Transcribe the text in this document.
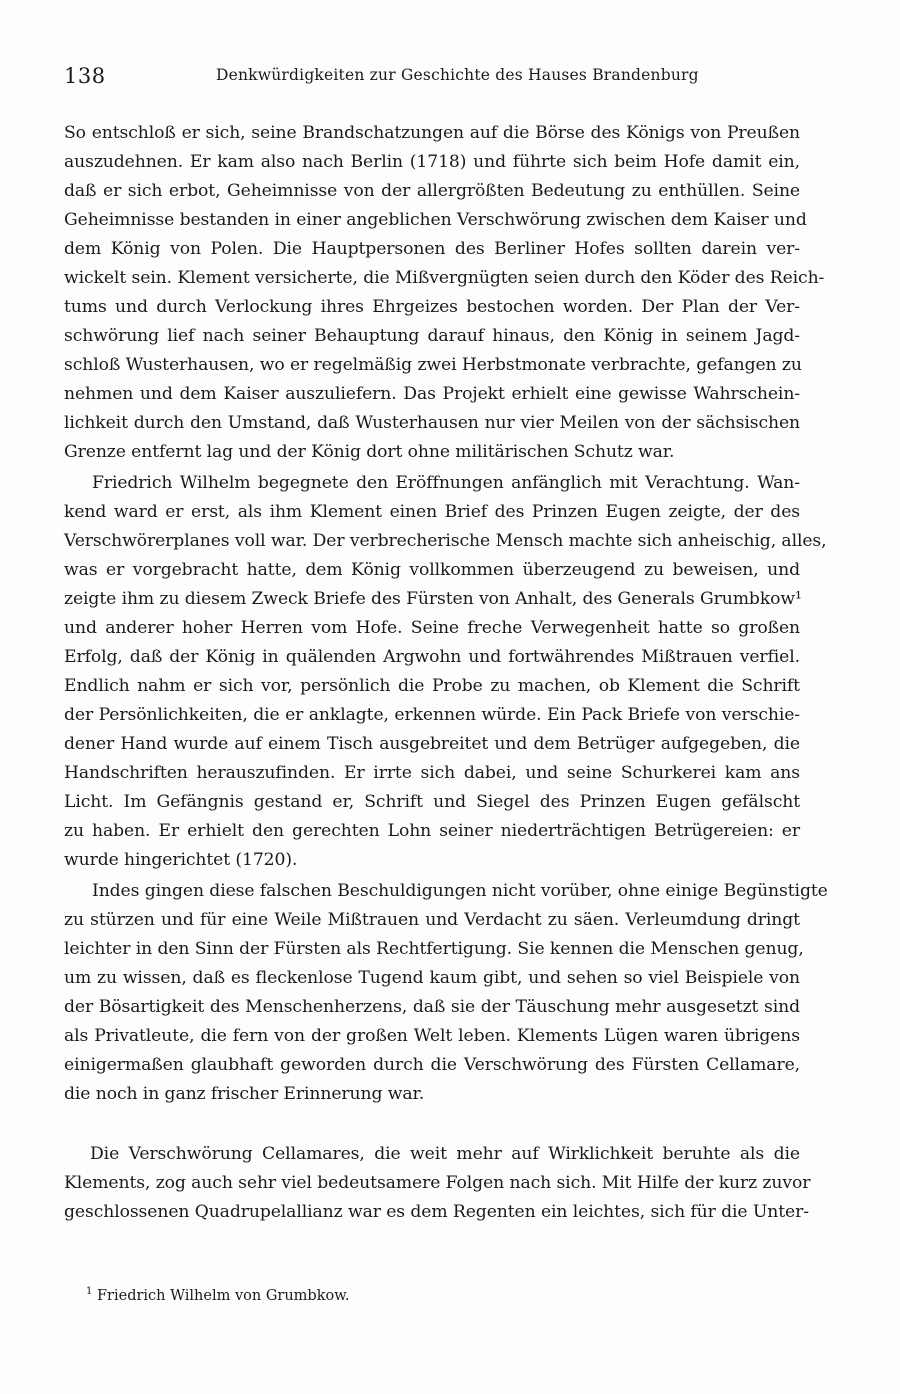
138	Denkwürdigkeiten zur Geschichte des Hauses Brandenburg
So entschloß er sich, seine Brandschatzungen auf die Börse des Königs von Preußen
auszudehnen. Er kam also nach Berlin (1718) und führte sich beim Hofe damit ein,
daß er sich erbot, Geheimnisse von der allergrößten Bedeutung zu enthüllen. Seine
Geheimnisse bestanden in einer angeblichen Verschwörung zwischen dem Kaiser und
dem König von Polen. Die Hauptpersonen des Berliner Hofes sollten darein ver-
wickelt sein. Klement versicherte, die Mißvergnügten seien durch den Köder des Reich-
tums und durch Verlockung ihres Ehrgeizes bestochen worden. Der Plan der Ver-
schwörung lief nach seiner Behauptung darauf hinaus, den König in seinem Jagd-
schloß Wusterhausen, wo er regelmäßig zwei Herbstmonate verbrachte, gefangen zu
nehmen und dem Kaiser auszuliefern. Das Projekt erhielt eine gewisse Wahrschein-
lichkeit durch den Umstand, daß Wusterhausen nur vier Meilen von der sächsischen
Grenze entfernt lag und der König dort ohne militärischen Schutz war.
Friedrich Wilhelm begegnete den Eröffnungen anfänglich mit Verachtung. Wan-
kend ward er erst, als ihm Klement einen Brief des Prinzen Eugen zeigte, der des
Verschwörerplanes voll war. Der verbrecherische Mensch machte sich anheischig, alles,
was er vorgebracht hatte, dem König vollkommen überzeugend zu beweisen, und
zeigte ihm zu diesem Zweck Briefe des Fürsten von Anhalt, des Generals Grumbkow¹
und anderer hoher Herren vom Hofe. Seine freche Verwegenheit hatte so großen
Erfolg, daß der König in quälenden Argwohn und fortwährendes Mißtrauen verfiel.
Endlich nahm er sich vor, persönlich die Probe zu machen, ob Klement die Schrift
der Persönlichkeiten, die er anklagte, erkennen würde. Ein Pack Briefe von verschie-
dener Hand wurde auf einem Tisch ausgebreitet und dem Betrüger aufgegeben, die
Handschriften herauszufinden. Er irrte sich dabei, und seine Schurkerei kam ans
Licht. Im Gefängnis gestand er, Schrift und Siegel des Prinzen Eugen gefälscht
zu haben. Er erhielt den gerechten Lohn seiner niederträchtigen Betrügereien: er
wurde hingerichtet (1720).
Indes gingen diese falschen Beschuldigungen nicht vorüber, ohne einige Begünstigte
zu stürzen und für eine Weile Mißtrauen und Verdacht zu säen. Verleumdung dringt
leichter in den Sinn der Fürsten als Rechtfertigung. Sie kennen die Menschen genug,
um zu wissen, daß es fleckenlose Tugend kaum gibt, und sehen so viel Beispiele von
der Bösartigkeit des Menschenherzens, daß sie der Täuschung mehr ausgesetzt sind
als Privatleute, die fern von der großen Welt leben. Klements Lügen waren übrigens
einigermaßen glaubhaft geworden durch die Verschwörung des Fürsten Cellamare,
die noch in ganz frischer Erinnerung war.
Die Verschwörung Cellamares, die weit mehr auf Wirklichkeit beruhte als die
Klements, zog auch sehr viel bedeutsamere Folgen nach sich. Mit Hilfe der kurz zuvor
geschlossenen Quadrupelallianz war es dem Regenten ein leichtes, sich für die Unter-
$^1$ Friedrich Wilhelm von Grumbkow.
